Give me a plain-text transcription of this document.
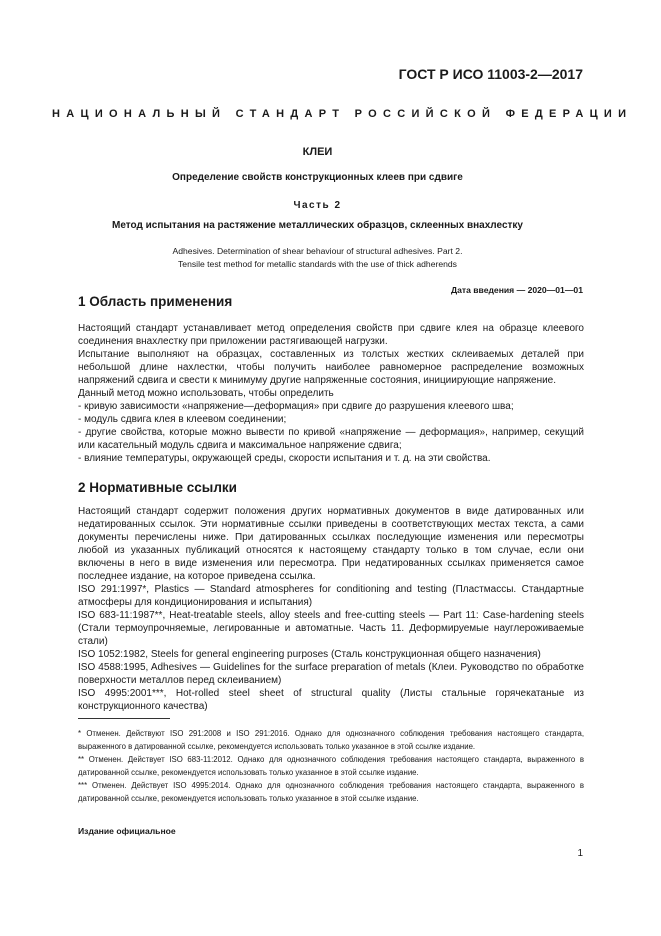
ГОСТ Р ИСО 11003-2—2017
НАЦИОНАЛЬНЫЙ СТАНДАРТ РОССИЙСКОЙ ФЕДЕРАЦИИ
КЛЕИ
Определение свойств конструкционных клеев при сдвиге
Часть 2
Метод испытания на растяжение металлических образцов, склеенных внахлестку
Adhesives. Determination of shear behaviour of structural adhesives. Part 2.
Tensile test method for metallic standards with the use of thick adherends
Дата введения — 2020—01—01
1 Область применения

Настоящий стандарт устанавливает метод определения свойств при сдвиге клея на образце клеевого соединения внахлестку при приложении растягивающей нагрузки.

Испытание выполняют на образцах, составленных из толстых жестких склеиваемых деталей при небольшой длине нахлестки, чтобы получить наиболее равномерное распределение возможных напряжений сдвига и свести к минимуму другие напряженные состояния, инициирующие напряжение.

Данный метод можно использовать, чтобы определить

- кривую зависимости «напряжение—деформация» при сдвиге до разрушения клеевого шва;

- модуль сдвига клея в клеевом соединении;

- другие свойства, которые можно вывести по кривой «напряжение — деформация», например, секущий или касательный модуль сдвига и максимальное напряжение сдвига;

- влияние температуры, окружающей среды, скорости испытания и т. д. на эти свойства.

2 Нормативные ссылки

Настоящий стандарт содержит положения других нормативных документов в виде датированных или недатированных ссылок. Эти нормативные ссылки приведены в соответствующих местах текста, а сами документы перечислены ниже. При датированных ссылках последующие изменения или пересмотры любой из указанных публикаций относятся к настоящему стандарту только в том случае, если они включены в него в виде изменения или пересмотра. При недатированных ссылках применяется самое последнее издание, на которое приведена ссылка.

ISO 291:1997*, Plastics — Standard atmospheres for conditioning and testing (Пластмассы. Стандартные атмосферы для кондиционирования и испытания)

ISO 683-11:1987**, Heat-treatable steels, alloy steels and free-cutting steels — Part 11: Case-hardening steels (Стали термоупрочняемые, легированные и автоматные. Часть 11. Деформируемые науглероживаемые стали)

ISO 1052:1982, Steels for general engineering purposes (Сталь конструкционная общего назначения)

ISO 4588:1995, Adhesives — Guidelines for the surface preparation of metals (Клеи. Руководство по обработке поверхности металлов перед склеиванием)

ISO 4995:2001***, Hot-rolled steel sheet of structural quality (Листы стальные горячекатаные из конструкционного качества)

* Отменен. Действуют ISO 291:2008 и ISO 291:2016. Однако для однозначного соблюдения требования настоящего стандарта, выраженного в датированной ссылке, рекомендуется использовать только указанное в этой ссылке издание.

** Отменен. Действует ISO 683-11:2012. Однако для однозначного соблюдения требования настоящего стандарта, выраженного в датированной ссылке, рекомендуется использовать только указанное в этой ссылке издание.

*** Отменен. Действует ISO 4995:2014. Однако для однозначного соблюдения требования настоящего стандарта, выраженного в датированной ссылке, рекомендуется использовать только указанное в этой ссылке издание.

Издание официальное
1
